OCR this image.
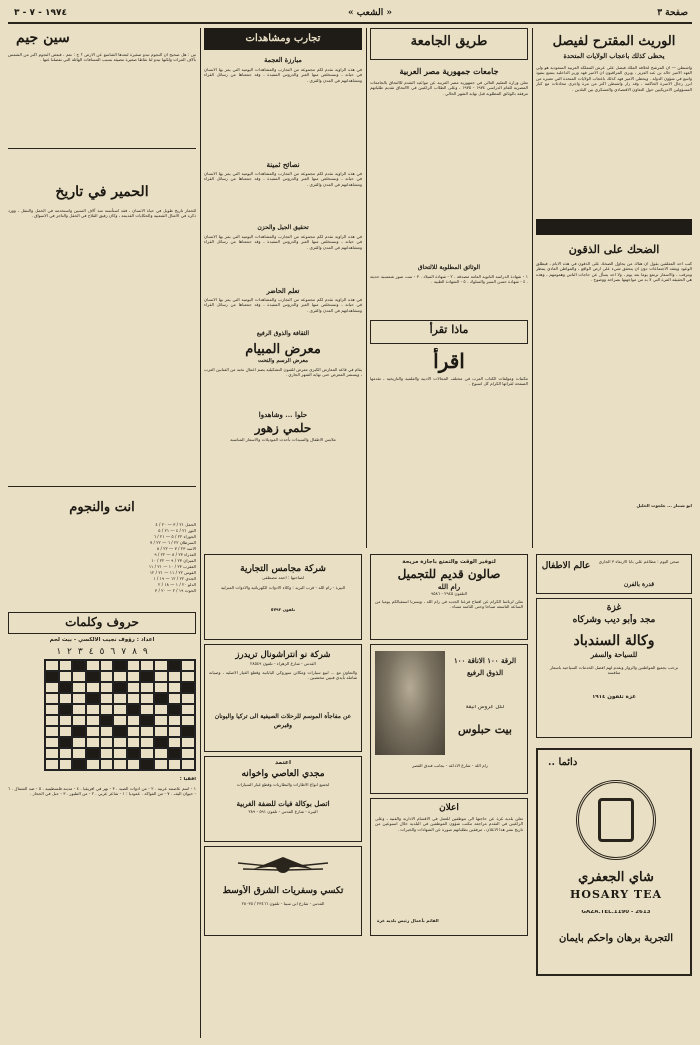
صفحة ٣
« الشعب »
١٩٧٤ - ٧ - ٣
الوريث المقترح لفيصل
يحظى كذلك باعجاب الولايات المتحدة
واشنطن — ان المرشح لخلافة الملك فيصل على عرش المملكة العربية السعودية هو ولي العهد الامير خالد بن عبد العزيز ، ويرى المراقبون ان الامير فهد وزير الداخلية يتمتع بنفوذ واسع في شؤون الدولة . ويحظى الامير فهد كذلك باعجاب الولايات المتحدة التي تعتبره من ابرز رجال الاسرة الحاكمة ، وقد زار واشنطن اكثر من مرة واجرى محادثات مع كبار المسؤولين الامريكيين حول التعاون الاقتصادي والعسكري بين البلدين .
الضحك على الذقون
كتب احد المعلقين يقول ان هناك من يحاول الضحك على الذقون في هذه الايام ، فيطلق الوعود ويعقد الاجتماعات دون ان يتحقق شيء على ارض الواقع ، والمواطن العادي ينتظر ويترقب ، والاسعار ترتفع يوما بعد يوم ، ولا احد يسأل عن حاجات الناس وهمومهم ، وهذه هي الحقيقة المرة التي لا بد من مواجهتها بصراحة ووضوح .
ابو شنتار ... جلجوت الخليل
طريق الجامعة
جامعات جمهورية مصر العربية
تعلن وزارة التعليم العالي في جمهورية مصر العربية عن مواعيد التقدم للالتحاق بالجامعات المصرية للعام الدراسي ١٩٧٤ - ١٩٧٥ ، وعلى الطلاب الراغبين في الالتحاق تقديم طلباتهم مرفقة بالوثائق المطلوبة قبل نهاية الشهر الحالي .
الوثائق المطلوبة للالتحاق
١ - شهادة الدراسة الثانوية العامة مصدقة . ٢ - شهادة الميلاد . ٣ - ست صور شمسية حديثة . ٤ - شهادة حسن السير والسلوك . ٥ - الشهادة الطبية .
ماذا تقرأ
اقرأ
مكتبات ومؤلفات الكتاب العرب في مختلف المجالات الادبية والعلمية والتاريخية ، تقدمها الصفحة لقرائها الكرام كل اسبوع .
تجارب ومشاهدات
مبارزة العجمة
في هذه الزاوية نقدم لكم مجموعة من التجارب والمشاهدات اليومية التي يمر بها الانسان في حياته ، ونستخلص منها العبر والدروس المفيدة ، وقد جمعناها من رسائل القراء ومشاهداتهم في المدن والقرى .
نصائح ثمينة
في هذه الزاوية نقدم لكم مجموعة من التجارب والمشاهدات اليومية التي يمر بها الانسان في حياته ، ونستخلص منها العبر والدروس المفيدة ، وقد جمعناها من رسائل القراء ومشاهداتهم في المدن والقرى .
تحقيق الجيل والحزن
في هذه الزاوية نقدم لكم مجموعة من التجارب والمشاهدات اليومية التي يمر بها الانسان في حياته ، ونستخلص منها العبر والدروس المفيدة ، وقد جمعناها من رسائل القراء ومشاهداتهم في المدن والقرى .
تعلم الحاضر
في هذه الزاوية نقدم لكم مجموعة من التجارب والمشاهدات اليومية التي يمر بها الانسان في حياته ، ونستخلص منها العبر والدروس المفيدة ، وقد جمعناها من رسائل القراء ومشاهداتهم في المدن والقرى .
الثقافة والذوق الرفيع
معرض المبيام
معرض الرسم والنحت
يقام في قاعة المعارض الكبرى معرض للفنون التشكيلية يضم اعمال نخبة من الفنانين العرب ، ويستمر المعرض حتى نهاية الشهر الجاري .
حلوا ... وشاهدوا
حلمي زهور
ملابس الاطفال والسيدات بأحدث الموديلات والاسعار المناسبة
سين جيم
س : هل صحيح ان النجوم تبدو صغيرة لبعدها الشاسع عن الارض ؟ ج : نعم ، فبعض النجوم اكبر من الشمس بآلاف المرات ولكنها تبدو لنا نقاطا صغيرة مضيئة بسبب المسافات الهائلة التي تفصلنا عنها .
الحمير في تاريخ
للحمار تاريخ طويل في حياة الانسان ، فقد استأنسه منذ آلاف السنين واستخدمه في الحمل والتنقل ، وورد ذكره في الامثال الشعبية والحكايات القديمة ، وكان رفيق الفلاح في الحقل والتاجر في الاسواق .
انت والنجوم
الحمل ٢١ / ٣ — ٢٠ / ٤
الثور ٢١ / ٤ — ٢١ / ٥
الجوزاء ٢٢ / ٥ — ٢١ / ٦
السرطان ٢٢ / ٦ — ٢٢ / ٧
الاسد ٢٣ / ٧ — ٢٢ / ٨
العذراء ٢٣ / ٨ — ٢٢ / ٩
الميزان ٢٣ / ٩ — ٢٢ / ١٠
العقرب ٢٣ / ١٠ — ٢١ / ١١
القوس ٢٢ / ١١ — ٢١ / ١٢
الجدي ٢٢ / ١٢ — ١٩ / ١
الدلو ٢٠ / ١ — ١٨ / ٢
الحوت ١٩ / ٢ — ٢٠ / ٣
حروف وكلمات
اعداد : رؤوف نجيب الالكسي - بيت لحم
٩ ٨ ٧ ٦ ٥ ٤ ٣ ٢ ١
افقيا :
١ - اسم عاصمة عربية . ٢ - من ادوات الصيد . ٣ - نهر في افريقيا . ٤ - مدينة فلسطينية . ٥ - ضد الشمال . ٦ - حيوان اليف . ٧ - من الفواكه . عموديا : ١ - شاعر عربي . ٢ - من الطيور . ٣ - جبل في الحجاز .
لتوفير الوقت والتمتع باجازة مريحة
صالون قديم للتجميل
رام الله
التلفون ٢٩٤٥ - ٩٥٨٦
نعلن لزبائننا الكرام عن افتتاح فرعنا الجديد في رام الله ، ويسرنا استقبالكم يوميا من الساعة التاسعة صباحا وحتى الثامنة مساء .
شركة مجامس التجارية
لصاحبها : احمد مصطفى
البيرة - رام الله - قرب البريد : وكلاء الادوات الكهربائية والادوات المنزلية
تلفون ٥٧٩٢
شركة نو انتراشونال تريدرز
القدس - شارع الزهراء - تلفون ٢٨٥٤٩
والتعاون مع ... لبيع سيارات ومكائن سوزوكي اليابانية وقطع الغيار الاصلية ، وصيانة شاملة بأيدي فنيين مختصين .
عن مفاجأة الموسم للرحلات الصيفية الى تركيا واليونان وقبرص
اعتمد
مجدي العاصي واخوانه
لجميع انواع الاطارات والبطاريات وقطع غيار السيارات
اتصل بوكالة فيات للضفة الغربية
البيرة - شارع القدس - تلفون ٥٩١ - ٢٨٩
تكسي وسفريات الشرق الأوسط
القدس - شارع ابن سينا - تلفون ٢٣٤٦٦ / ٢٨٠٣٥
الرقة ١٠٠ الاناقة ١٠٠ الذوق الرفيع
لكل عروس انيقة
بيت حبلوس
رام الله - شارع الاذاعة - بجانب فندق القصر
اعلان
تعلن بلدية غزة عن حاجتها الى موظفين للعمل في الاقسام الادارية والفنية ، وعلى الراغبين في التقدم مراجعة مكتب شؤون الموظفين في البلدية خلال اسبوعين من تاريخ نشر هذا الاعلان ، مرفقين بطلباتهم صورة عن الشهادات والخبرات .
القائم بأعمال رئيس بلدية غزة
عالم الاطفال	صحن اليوم : مطاعم علي بابا الاربعاء ٣ الجاري
قدرة بالفرن
غزة
مجد وأبو ديب وشركاه
وكالة السندباد
للسياحة والسفر
نرحب بجميع المواطنين والزوار ونقدم لهم افضل الخدمات السياحية باسعار منافسة
غزة تلفون ١٩١٤
دائما ..
شاي الجعفري
HOSARY TEA
GAZA.TEL.1190 - 2613
التجربة برهان واحكم بايمان
